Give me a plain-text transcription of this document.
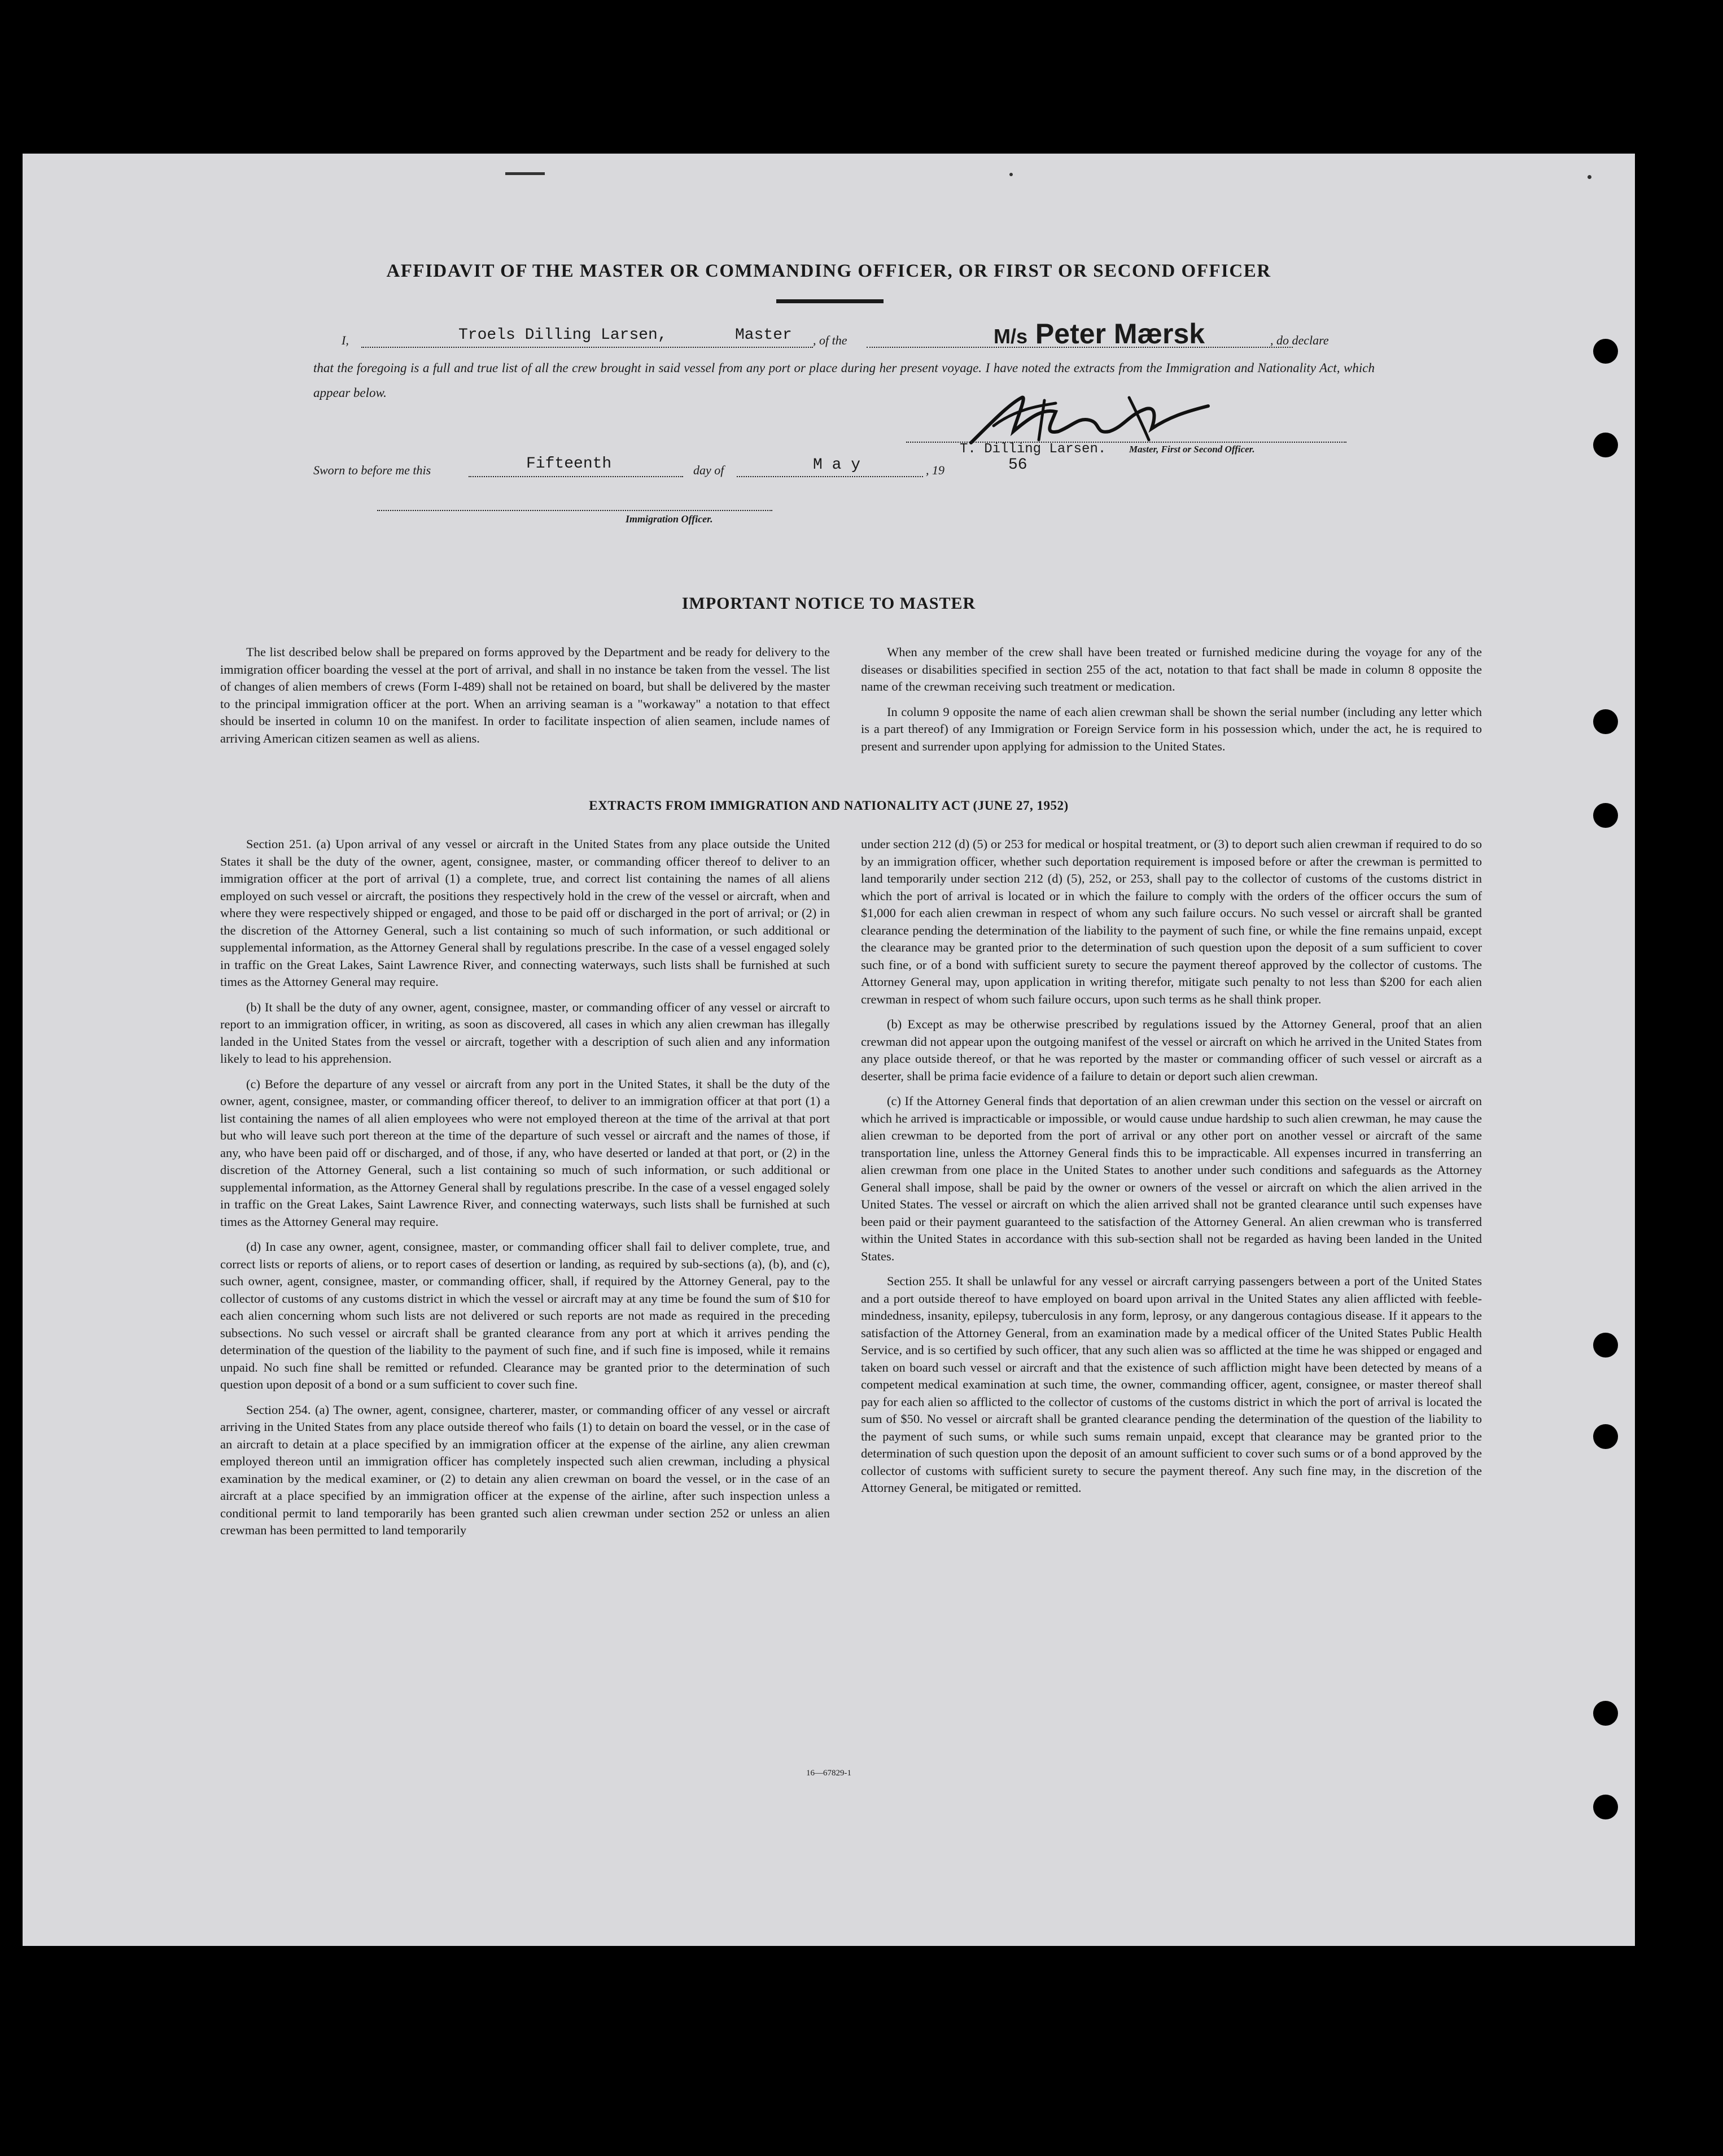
AFFIDAVIT OF THE MASTER OR COMMANDING OFFICER, OR FIRST OR SECOND OFFICER
I,	Troels Dilling Larsen,	Master , of the	M/s Peter Mærsk	, do declare
that the foregoing is a full and true list of all the crew brought in said vessel from any port or place during her present voyage. I have noted the extracts from the Immigration and Nationality Act, which appear below.
T. Dilling Larsen. Master, First or Second Officer.
Sworn to before me this	Fifteenth	day of	M a y	, 19	56
Immigration Officer.
IMPORTANT NOTICE TO MASTER

The list described below shall be prepared on forms approved by the Department and be ready for delivery to the immigration officer boarding the vessel at the port of arrival, and shall in no instance be taken from the vessel. The list of changes of alien members of crews (Form I-489) shall not be retained on board, but shall be delivered by the master to the principal immigration officer at the port. When an arriving seaman is a "workaway" a notation to that effect should be inserted in column 10 on the manifest. In order to facilitate inspection of alien seamen, include names of arriving American citizen seamen as well as aliens.

When any member of the crew shall have been treated or furnished medicine during the voyage for any of the diseases or disabilities specified in section 255 of the act, notation to that fact shall be made in column 8 opposite the name of the crewman receiving such treatment or medication.

In column 9 opposite the name of each alien crewman shall be shown the serial number (including any letter which is a part thereof) of any Immigration or Foreign Service form in his possession which, under the act, he is required to present and surrender upon applying for admission to the United States.

EXTRACTS FROM IMMIGRATION AND NATIONALITY ACT (JUNE 27, 1952)

Section 251. (a) Upon arrival of any vessel or aircraft in the United States from any place outside the United States it shall be the duty of the owner, agent, consignee, master, or commanding officer thereof to deliver to an immigration officer at the port of arrival (1) a complete, true, and correct list containing the names of all aliens employed on such vessel or aircraft, the positions they respectively hold in the crew of the vessel or aircraft, when and where they were respectively shipped or engaged, and those to be paid off or discharged in the port of arrival; or (2) in the discretion of the Attorney General, such a list containing so much of such information, or such additional or supplemental information, as the Attorney General shall by regulations prescribe. In the case of a vessel engaged solely in traffic on the Great Lakes, Saint Lawrence River, and connecting waterways, such lists shall be furnished at such times as the Attorney General may require.

(b) It shall be the duty of any owner, agent, consignee, master, or commanding officer of any vessel or aircraft to report to an immigration officer, in writing, as soon as discovered, all cases in which any alien crewman has illegally landed in the United States from the vessel or aircraft, together with a description of such alien and any information likely to lead to his apprehension.

(c) Before the departure of any vessel or aircraft from any port in the United States, it shall be the duty of the owner, agent, consignee, master, or commanding officer thereof, to deliver to an immigration officer at that port (1) a list containing the names of all alien employees who were not employed thereon at the time of the arrival at that port but who will leave such port thereon at the time of the departure of such vessel or aircraft and the names of those, if any, who have been paid off or discharged, and of those, if any, who have deserted or landed at that port, or (2) in the discretion of the Attorney General, such a list containing so much of such information, or such additional or supplemental information, as the Attorney General shall by regulations prescribe. In the case of a vessel engaged solely in traffic on the Great Lakes, Saint Lawrence River, and connecting waterways, such lists shall be furnished at such times as the Attorney General may require.

(d) In case any owner, agent, consignee, master, or commanding officer shall fail to deliver complete, true, and correct lists or reports of aliens, or to report cases of desertion or landing, as required by sub-sections (a), (b), and (c), such owner, agent, consignee, master, or commanding officer, shall, if required by the Attorney General, pay to the collector of customs of any customs district in which the vessel or aircraft may at any time be found the sum of $10 for each alien concerning whom such lists are not delivered or such reports are not made as required in the preceding subsections. No such vessel or aircraft shall be granted clearance from any port at which it arrives pending the determination of the question of the liability to the payment of such fine, and if such fine is imposed, while it remains unpaid. No such fine shall be remitted or refunded. Clearance may be granted prior to the determination of such question upon deposit of a bond or a sum sufficient to cover such fine.

Section 254. (a) The owner, agent, consignee, charterer, master, or commanding officer of any vessel or aircraft arriving in the United States from any place outside thereof who fails (1) to detain on board the vessel, or in the case of an aircraft to detain at a place specified by an immigration officer at the expense of the airline, any alien crewman employed thereon until an immigration officer has completely inspected such alien crewman, including a physical examination by the medical examiner, or (2) to detain any alien crewman on board the vessel, or in the case of an aircraft at a place specified by an immigration officer at the expense of the airline, after such inspection unless a conditional permit to land temporarily has been granted such alien crewman under section 252 or unless an alien crewman has been permitted to land temporarily

under section 212 (d) (5) or 253 for medical or hospital treatment, or (3) to deport such alien crewman if required to do so by an immigration officer, whether such deportation requirement is imposed before or after the crewman is permitted to land temporarily under section 212 (d) (5), 252, or 253, shall pay to the collector of customs of the customs district in which the port of arrival is located or in which the failure to comply with the orders of the officer occurs the sum of $1,000 for each alien crewman in respect of whom any such failure occurs. No such vessel or aircraft shall be granted clearance pending the determination of the liability to the payment of such fine, or while the fine remains unpaid, except the clearance may be granted prior to the determination of such question upon the deposit of a sum sufficient to cover such fine, or of a bond with sufficient surety to secure the payment thereof approved by the collector of customs. The Attorney General may, upon application in writing therefor, mitigate such penalty to not less than $200 for each alien crewman in respect of whom such failure occurs, upon such terms as he shall think proper.

(b) Except as may be otherwise prescribed by regulations issued by the Attorney General, proof that an alien crewman did not appear upon the outgoing manifest of the vessel or aircraft on which he arrived in the United States from any place outside thereof, or that he was reported by the master or commanding officer of such vessel or aircraft as a deserter, shall be prima facie evidence of a failure to detain or deport such alien crewman.

(c) If the Attorney General finds that deportation of an alien crewman under this section on the vessel or aircraft on which he arrived is impracticable or impossible, or would cause undue hardship to such alien crewman, he may cause the alien crewman to be deported from the port of arrival or any other port on another vessel or aircraft of the same transportation line, unless the Attorney General finds this to be impracticable. All expenses incurred in transferring an alien crewman from one place in the United States to another under such conditions and safeguards as the Attorney General shall impose, shall be paid by the owner or owners of the vessel or aircraft on which the alien arrived in the United States. The vessel or aircraft on which the alien arrived shall not be granted clearance until such expenses have been paid or their payment guaranteed to the satisfaction of the Attorney General. An alien crewman who is transferred within the United States in accordance with this sub-section shall not be regarded as having been landed in the United States.

Section 255. It shall be unlawful for any vessel or aircraft carrying passengers between a port of the United States and a port outside thereof to have employed on board upon arrival in the United States any alien afflicted with feeble-mindedness, insanity, epilepsy, tuberculosis in any form, leprosy, or any dangerous contagious disease. If it appears to the satisfaction of the Attorney General, from an examination made by a medical officer of the United States Public Health Service, and is so certified by such officer, that any such alien was so afflicted at the time he was shipped or engaged and taken on board such vessel or aircraft and that the existence of such affliction might have been detected by means of a competent medical examination at such time, the owner, commanding officer, agent, consignee, or master thereof shall pay for each alien so afflicted to the collector of customs of the customs district in which the port of arrival is located the sum of $50. No vessel or aircraft shall be granted clearance pending the determination of the question of the liability to the payment of such sums, or while such sums remain unpaid, except that clearance may be granted prior to the determination of such question upon the deposit of an amount sufficient to cover such sums or of a bond approved by the collector of customs with sufficient surety to secure the payment thereof. Any such fine may, in the discretion of the Attorney General, be mitigated or remitted.

16—67829-1
